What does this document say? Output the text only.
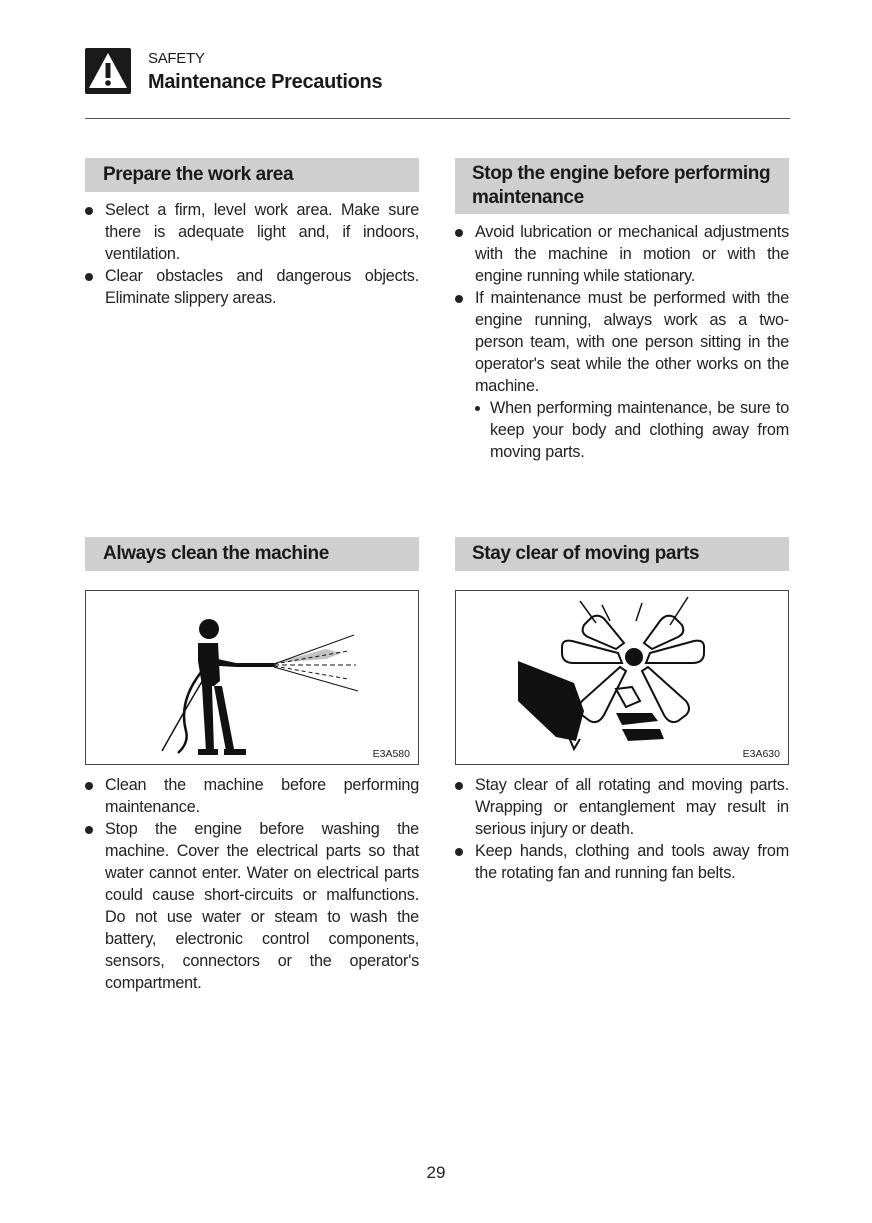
SAFETY
Maintenance Precautions
Prepare the work area
Select a firm, level work area. Make sure there is adequate light and, if indoors, ventilation.
Clear obstacles and dangerous objects. Eliminate slippery areas.
Stop the engine before performing
maintenance
Avoid lubrication or mechanical adjustments with the machine in motion or with the engine running while stationary.
If maintenance must be performed with the engine running, always work as a two-person team, with one person sitting in the operator's seat while the other works on the machine.
When performing maintenance, be sure to keep your body and clothing away from moving parts.
Always clean the machine
E3A580
Clean the machine before performing maintenance.
Stop the engine before washing the machine. Cover the electrical parts so that water cannot enter. Water on electrical parts could cause short-circuits or malfunctions. Do not use water or steam to wash the battery, electronic control components, sensors, connectors or the operator's compartment.
Stay clear of moving parts
E3A630
Stay clear of all rotating and moving parts. Wrapping or entanglement may result in serious injury or death.
Keep hands, clothing and tools away from the rotating fan and running fan belts.
29
